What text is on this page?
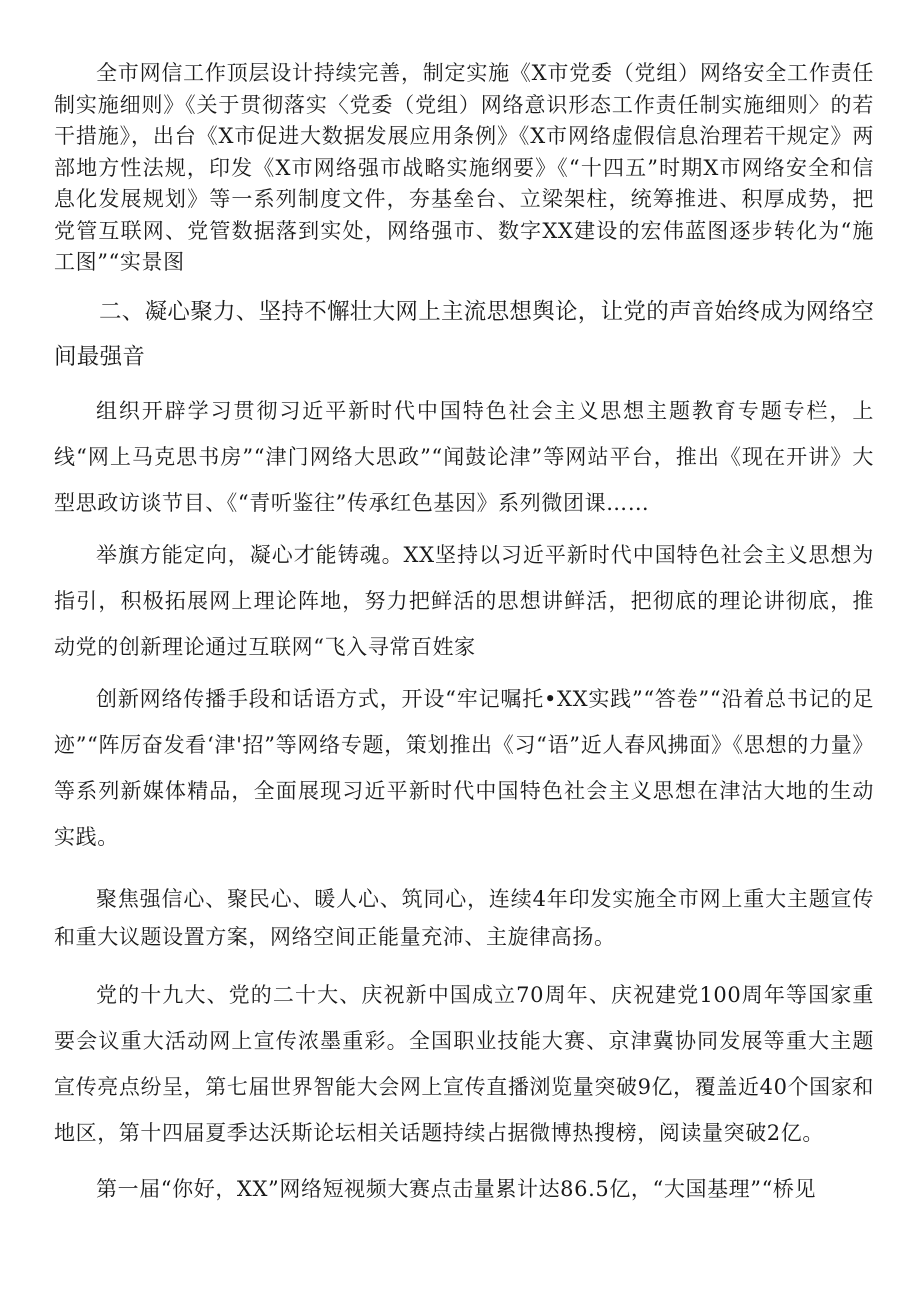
全市网信工作顶层设计持续完善，制定实施《X市党委（党组）网络安全工作责任制实施细则》《关于贯彻落实〈党委（党组）网络意识形态工作责任制实施细则〉的若干措施》，出台《X市促进大数据发展应用条例》《X市网络虚假信息治理若干规定》两部地方性法规，印发《X市网络强市战略实施纲要》《“十四五”时期X市网络安全和信息化发展规划》等一系列制度文件，夯基垒台、立梁架柱，统筹推进、积厚成势，把党管互联网、党管数据落到实处，网络强市、数字XX建设的宏伟蓝图逐步转化为“施工图”“实景图

二、凝心聚力、坚持不懈壮大网上主流思想舆论，让党的声音始终成为网络空间最强音

组织开辟学习贯彻习近平新时代中国特色社会主义思想主题教育专题专栏，上线“网上马克思书房”“津门网络大思政”“闻鼓论津”等网站平台，推出《现在开讲》大型思政访谈节目、《“青听鉴往”传承红色基因》系列微团课……

举旗方能定向，凝心才能铸魂。XX坚持以习近平新时代中国特色社会主义思想为指引，积极拓展网上理论阵地，努力把鲜活的思想讲鲜活，把彻底的理论讲彻底，推动党的创新理论通过互联网“飞入寻常百姓家

创新网络传播手段和话语方式，开设“牢记嘱托•XX实践”“答卷”“沿着总书记的足迹”“阵厉奋发看‘津'招”等网络专题，策划推出《习“语”近人春风拂面》《思想的力量》等系列新媒体精品，全面展现习近平新时代中国特色社会主义思想在津沽大地的生动实践。

聚焦强信心、聚民心、暖人心、筑同心，连续4年印发实施全市网上重大主题宣传和重大议题设置方案，网络空间正能量充沛、主旋律高扬。

党的十九大、党的二十大、庆祝新中国成立70周年、庆祝建党100周年等国家重要会议重大活动网上宣传浓墨重彩。全国职业技能大赛、京津冀协同发展等重大主题宣传亮点纷呈，第七届世界智能大会网上宣传直播浏览量突破9亿，覆盖近40个国家和地区，第十四届夏季达沃斯论坛相关话题持续占据微博热搜榜，阅读量突破2亿。

第一届“你好，XX”网络短视频大赛点击量累计达86.5亿，“大国基理”“桥见
